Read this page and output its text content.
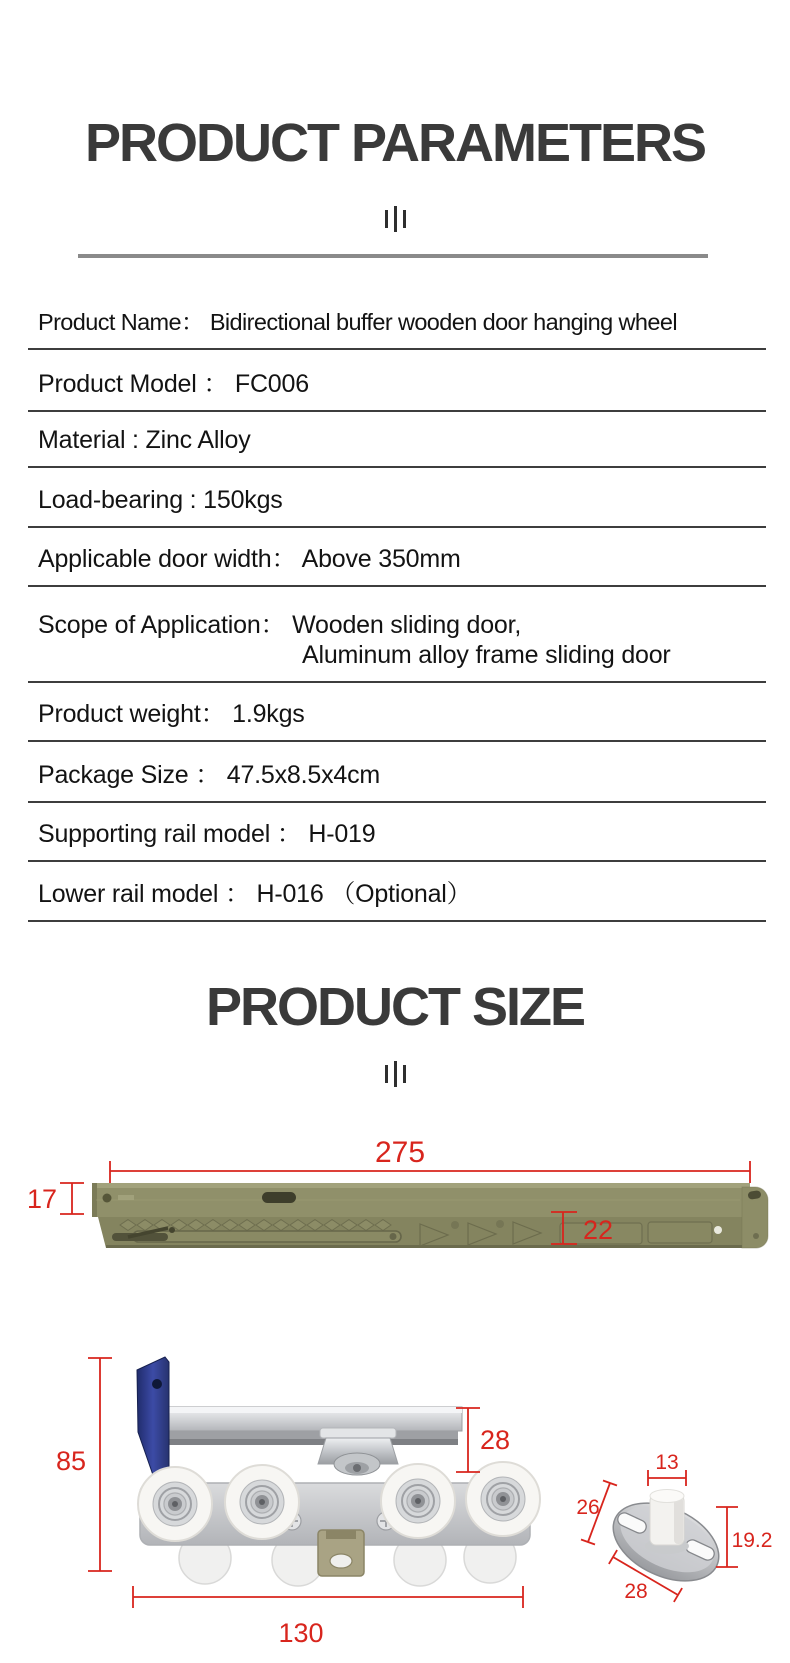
PRODUCT PARAMETERS
Product Name： Bidirectional buffer wooden door hanging wheel
Product Model ： FC006
Material : Zinc Alloy
Load-bearing : 150kgs
Applicable door width： Above 350mm
Scope of Application： Wooden sliding door,
Aluminum alloy frame sliding door
Product weight： 1.9kgs
Package Size ： 47.5x8.5x4cm
Supporting rail model ： H-019
Lower rail model ： H-016 （Optional）
PRODUCT SIZE
275
17
22
85
28
130
13
26
19.2
28
